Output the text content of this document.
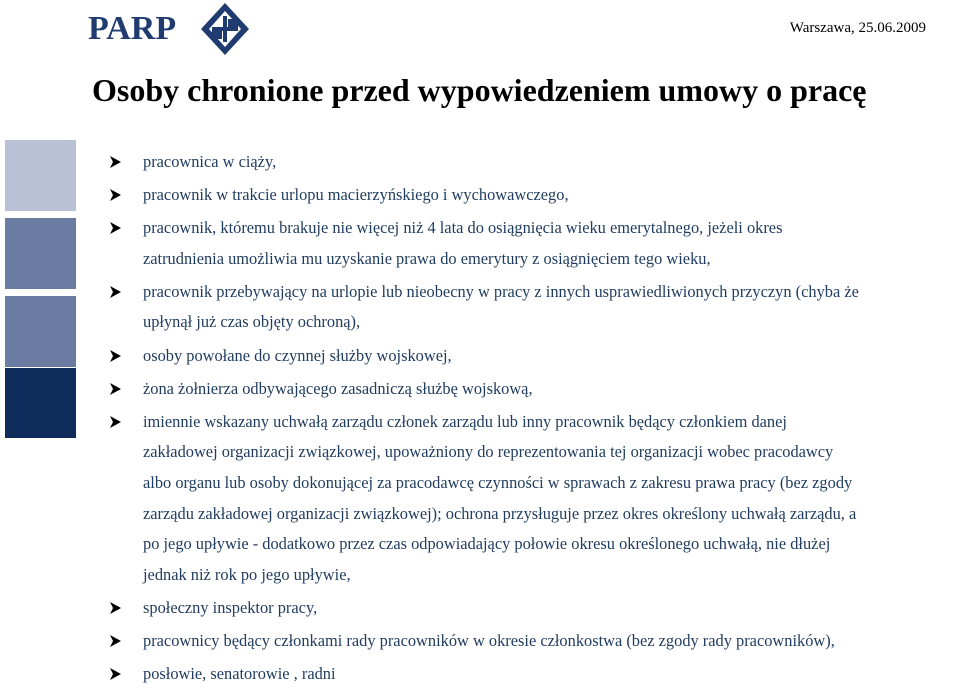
PARP	Warszawa, 25.06.2009
Osoby chronione przed wypowiedzeniem umowy o pracę
pracownica w ciąży,
pracownik w trakcie urlopu macierzyńskiego i wychowawczego,
pracownik, któremu brakuje nie więcej niż 4 lata do osiągnięcia wieku emerytalnego, jeżeli okres
zatrudnienia umożliwia mu uzyskanie prawa do emerytury z osiągnięciem tego wieku,
pracownik przebywający na urlopie lub nieobecny w pracy z innych usprawiedliwionych przyczyn (chyba że
upłynął już czas objęty ochroną),
osoby powołane do czynnej służby wojskowej,
żona żołnierza odbywającego zasadniczą służbę wojskową,
imiennie wskazany uchwałą zarządu członek zarządu lub inny pracownik będący członkiem danej
zakładowej organizacji związkowej, upoważniony do reprezentowania tej organizacji wobec pracodawcy
albo organu lub osoby dokonującej za pracodawcę czynności w sprawach z zakresu prawa pracy (bez zgody
zarządu zakładowej organizacji związkowej); ochrona przysługuje przez okres określony uchwałą zarządu, a
po jego upływie - dodatkowo przez czas odpowiadający połowie okresu określonego uchwałą, nie dłużej
jednak niż rok po jego upływie,
społeczny inspektor pracy,
pracownicy będący członkami rady pracowników w okresie członkostwa (bez zgody rady pracowników),
posłowie, senatorowie , radni
